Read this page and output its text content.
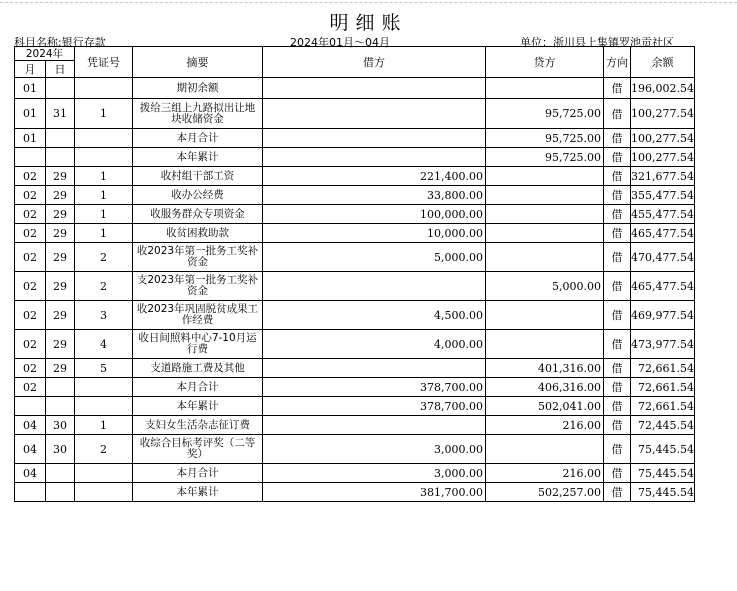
明细账
科目名称:银行存款	2024年01月～04月	单位：浙川县上集镇罗池贡社区
2024年		凭证号	摘要	借方	贷方	方向	余额
月	日						
01			期初余额			借	196,002.54
01	31	1	拨给三组上九路拟出让地块收储资金		95,725.00	借	100,277.54
01			本月合计		95,725.00	借	100,277.54
			本年累计		95,725.00	借	100,277.54
02	29	1	收村组干部工资	221,400.00		借	321,677.54
02	29	1	收办公经费	33,800.00		借	355,477.54
02	29	1	收服务群众专项资金	100,000.00		借	455,477.54
02	29	1	收贫困救助款	10,000.00		借	465,477.54
02	29	2	收2023年第一批务工奖补资金	5,000.00		借	470,477.54
02	29	2	支2023年第一批务工奖补资金		5,000.00	借	465,477.54
02	29	3	收2023年巩固脱贫成果工作经费	4,500.00		借	469,977.54
02	29	4	收日间照料中心7-10月运行费	4,000.00		借	473,977.54
02	29	5	支道路施工费及其他		401,316.00	借	72,661.54
02			本月合计	378,700.00	406,316.00	借	72,661.54
			本年累计	378,700.00	502,041.00	借	72,661.54
04	30	1	支妇女生活杂志征订费		216.00	借	72,445.54
04	30	2	收综合目标考评奖（二等奖）	3,000.00		借	75,445.54
04			本月合计	3,000.00	216.00	借	75,445.54
			本年累计	381,700.00	502,257.00	借	75,445.54
